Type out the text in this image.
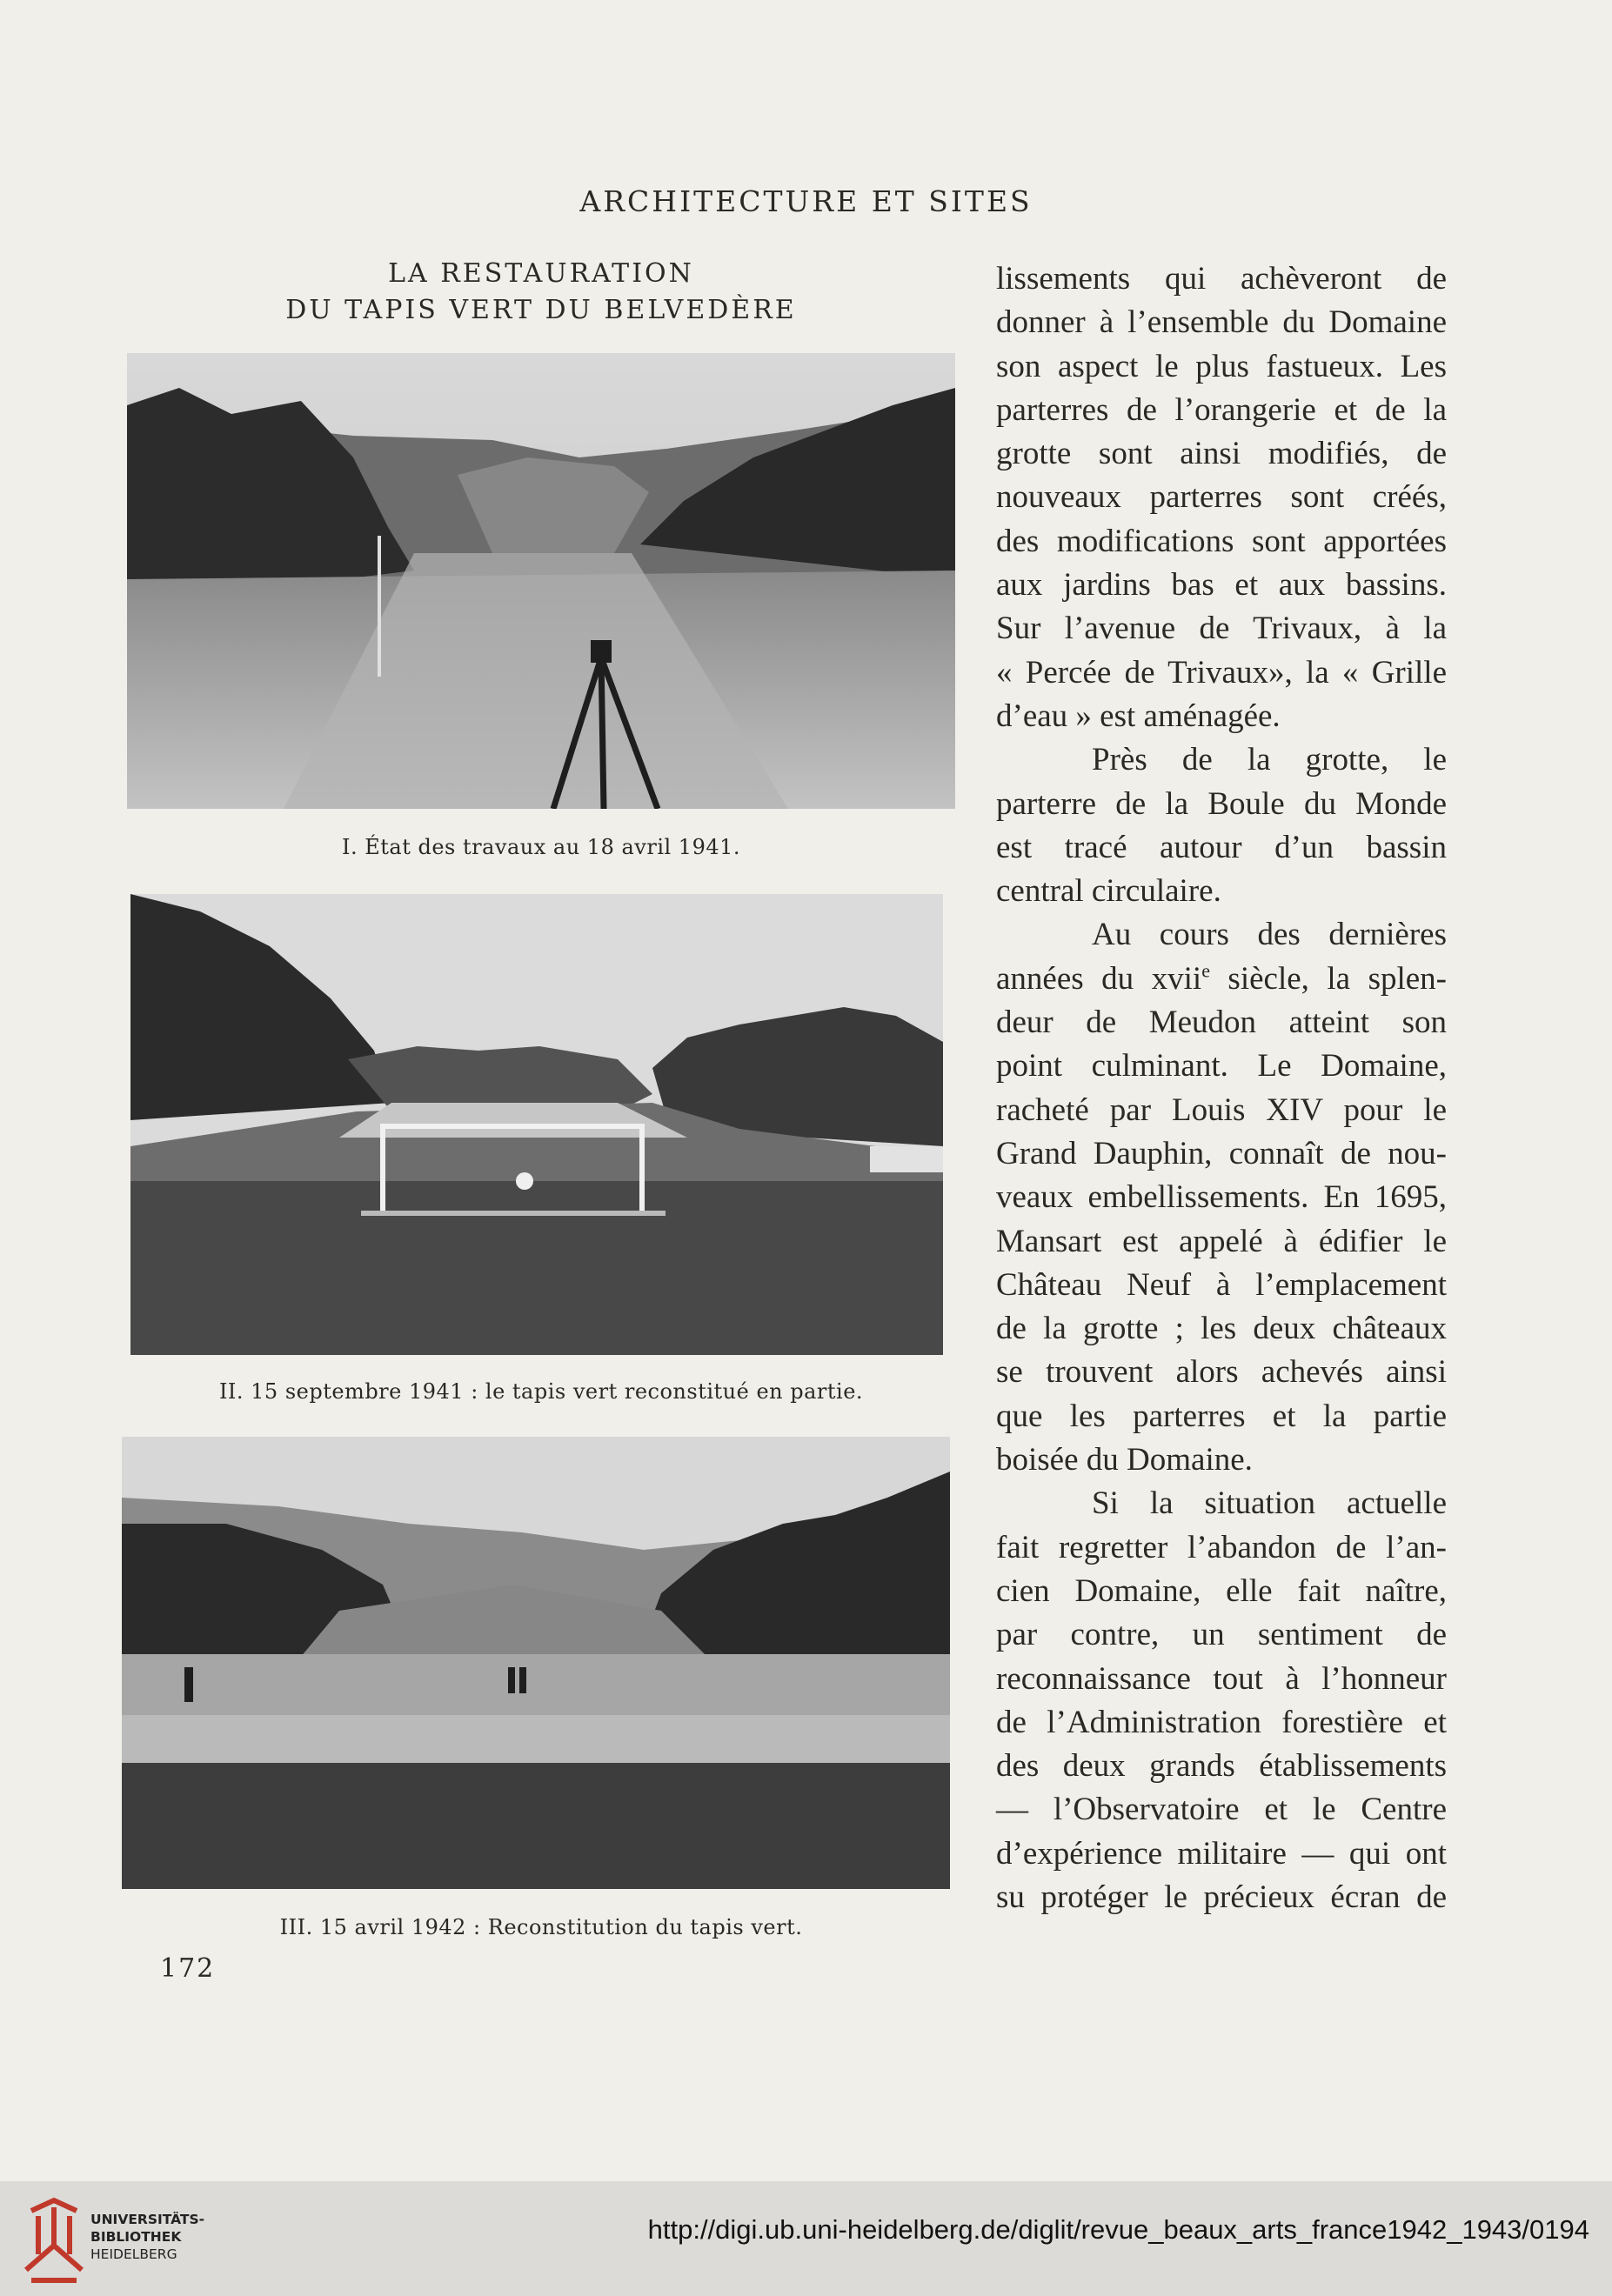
ARCHITECTURE ET SITES
LA RESTAURATION
DU TAPIS VERT DU BELVEDÈRE
I. État des travaux au 18 avril 1941.
II. 15 septembre 1941 : le tapis vert reconstitué en partie.
III. 15 avril 1942 : Reconstitution du tapis vert.
lissements qui achèveront de
donner à l’ensemble du Domaine
son aspect le plus fastueux. Les
parterres de l’orangerie et de la
grotte sont ainsi modifiés, de
nouveaux parterres sont créés,
des modifications sont apportées
aux jardins bas et aux bassins.
Sur l’avenue de Trivaux, à la
« Percée de Trivaux», la « Grille
d’eau » est aménagée.
Près de la grotte, le
parterre de la Boule du Monde
est tracé autour d’un bassin
central circulaire.
Au cours des dernières
années du xvii$^e$ siècle, la splen-
deur de Meudon atteint son
point culminant. Le Domaine,
racheté par Louis XIV pour le
Grand Dauphin, connaît de nou-
veaux embellissements. En 1695,
Mansart est appelé à édifier le
Château Neuf à l’emplacement
de la grotte ; les deux châteaux
se trouvent alors achevés ainsi
que les parterres et la partie
boisée du Domaine.
Si la situation actuelle
fait regretter l’abandon de l’an-
cien Domaine, elle fait naître,
par contre, un sentiment de
reconnaissance tout à l’honneur
de l’Administration forestière et
des deux grands établissements
— l’Observatoire et le Centre
d’expérience militaire — qui ont
su protéger le précieux écran de
172
UNIVERSITÄTS-
BIBLIOTHEK
HEIDELBERG
http://digi.ub.uni-heidelberg.de/diglit/revue_beaux_arts_france1942_1943/0194
